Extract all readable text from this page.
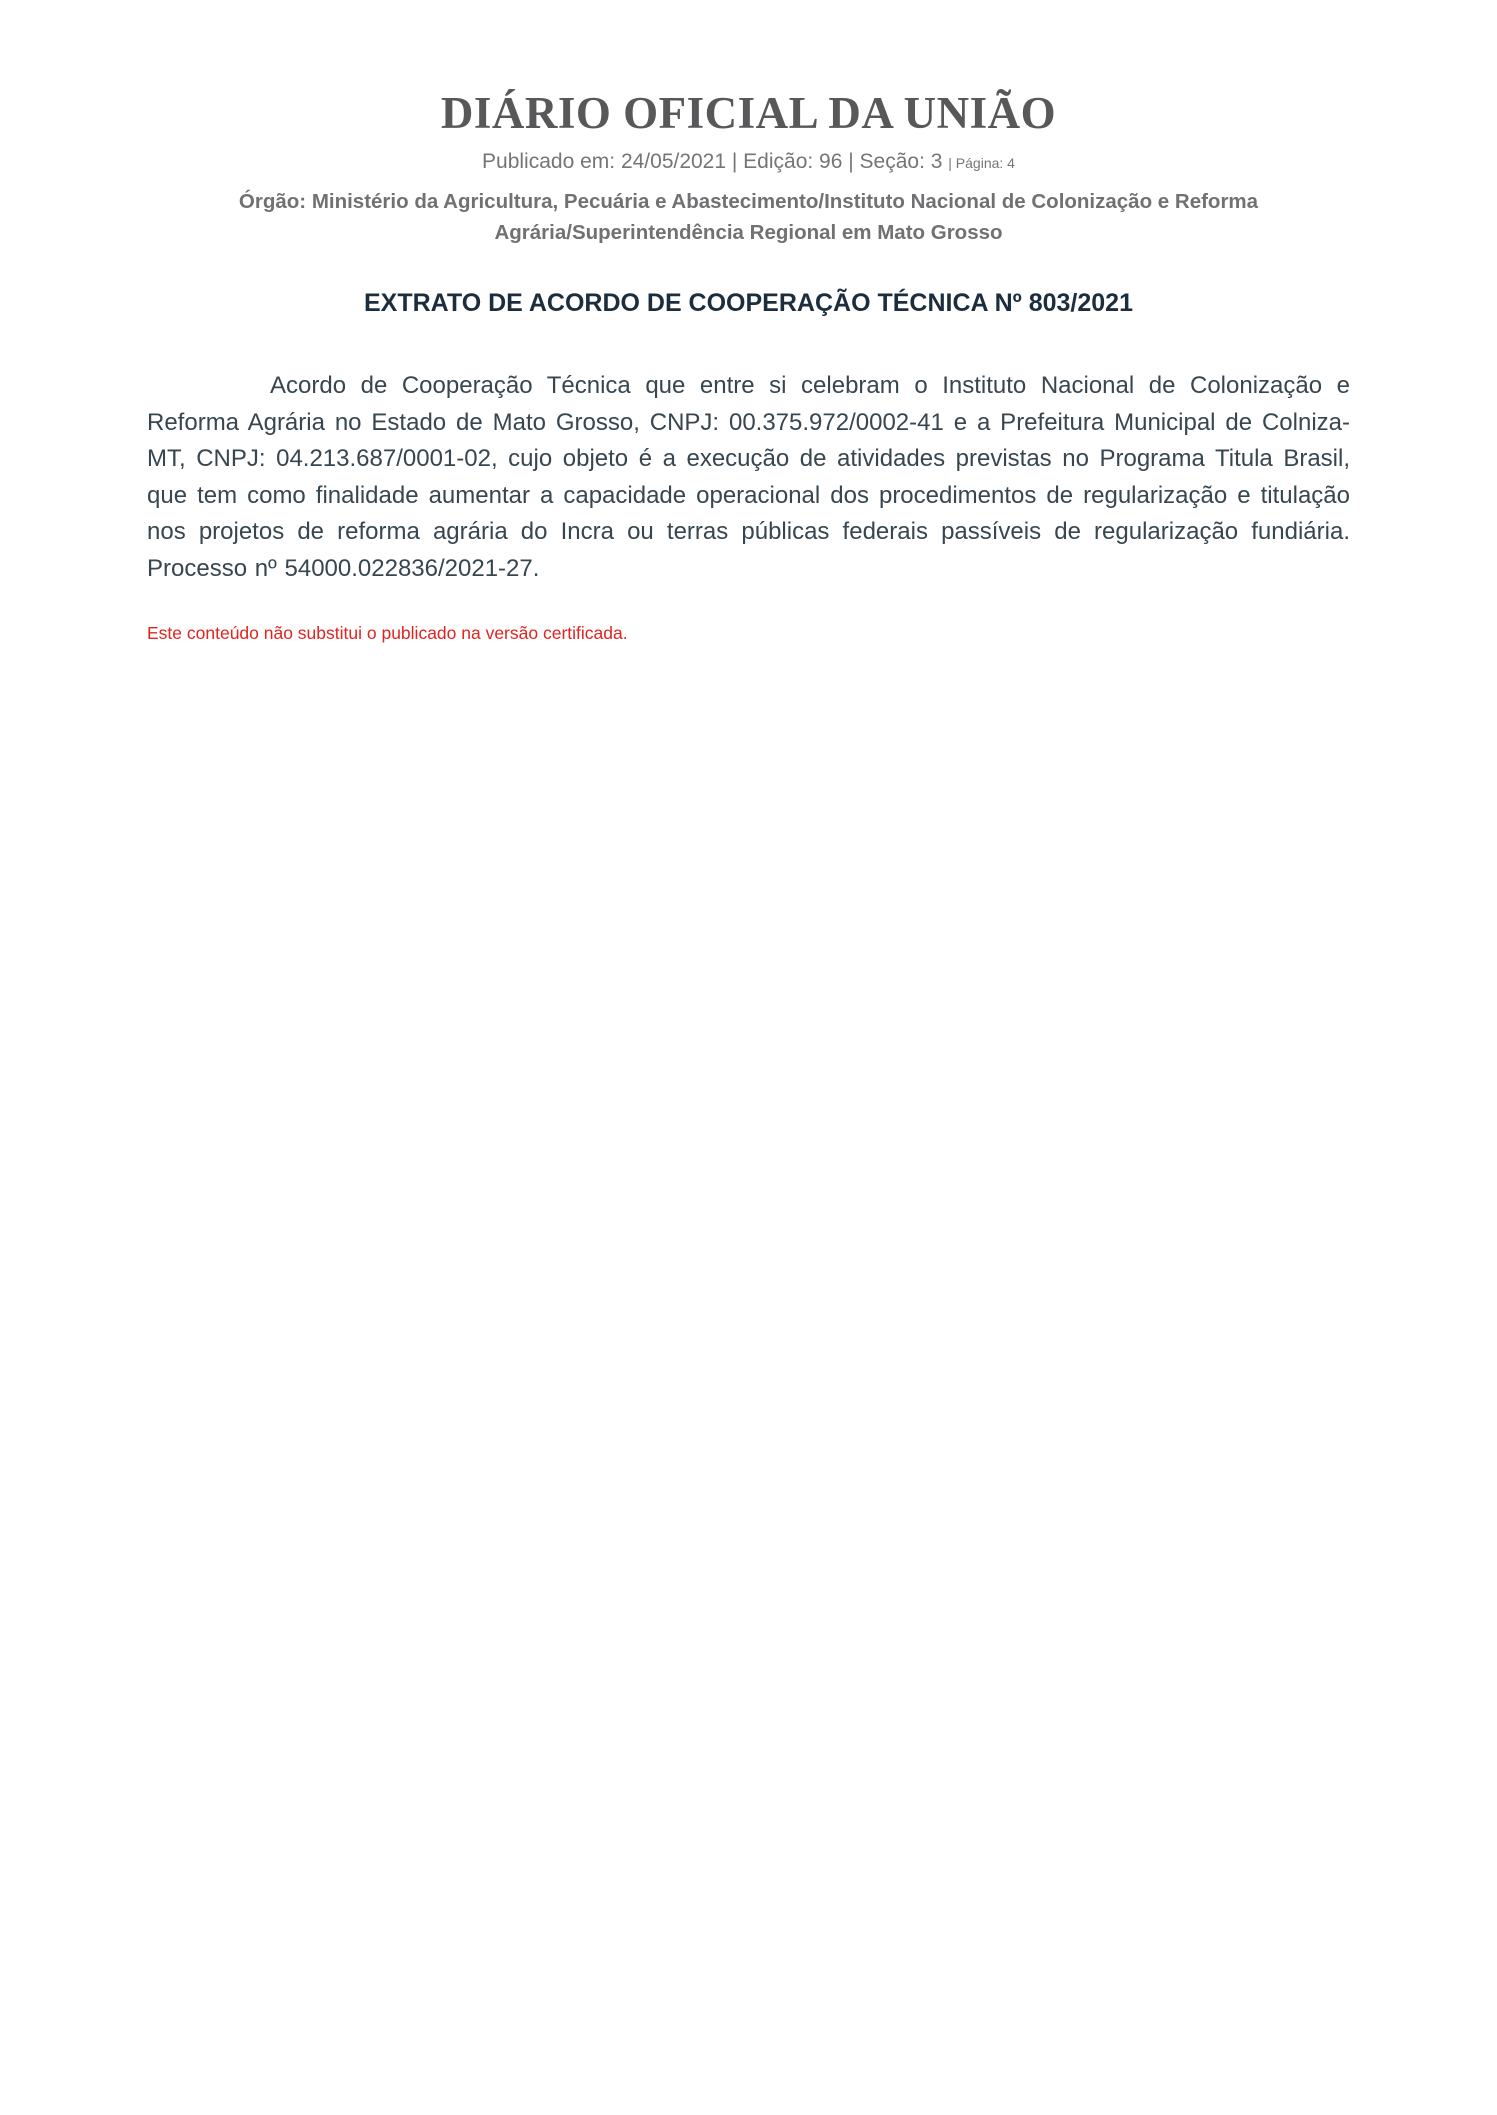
DIÁRIO OFICIAL DA UNIÃO
Publicado em: 24/05/2021 | Edição: 96 | Seção: 3 | Página: 4
Órgão: Ministério da Agricultura, Pecuária e Abastecimento/Instituto Nacional de Colonização e Reforma Agrária/Superintendência Regional em Mato Grosso
EXTRATO DE ACORDO DE COOPERAÇÃO TÉCNICA Nº 803/2021

Acordo de Cooperação Técnica que entre si celebram o Instituto Nacional de Colonização e Reforma Agrária no Estado de Mato Grosso, CNPJ: 00.375.972/0002-41 e a Prefeitura Municipal de Colniza-MT, CNPJ: 04.213.687/0001-02, cujo objeto é a execução de atividades previstas no Programa Titula Brasil, que tem como finalidade aumentar a capacidade operacional dos procedimentos de regularização e titulação nos projetos de reforma agrária do Incra ou terras públicas federais passíveis de regularização fundiária. Processo nº 54000.022836/2021-27.

Este conteúdo não substitui o publicado na versão certificada.
